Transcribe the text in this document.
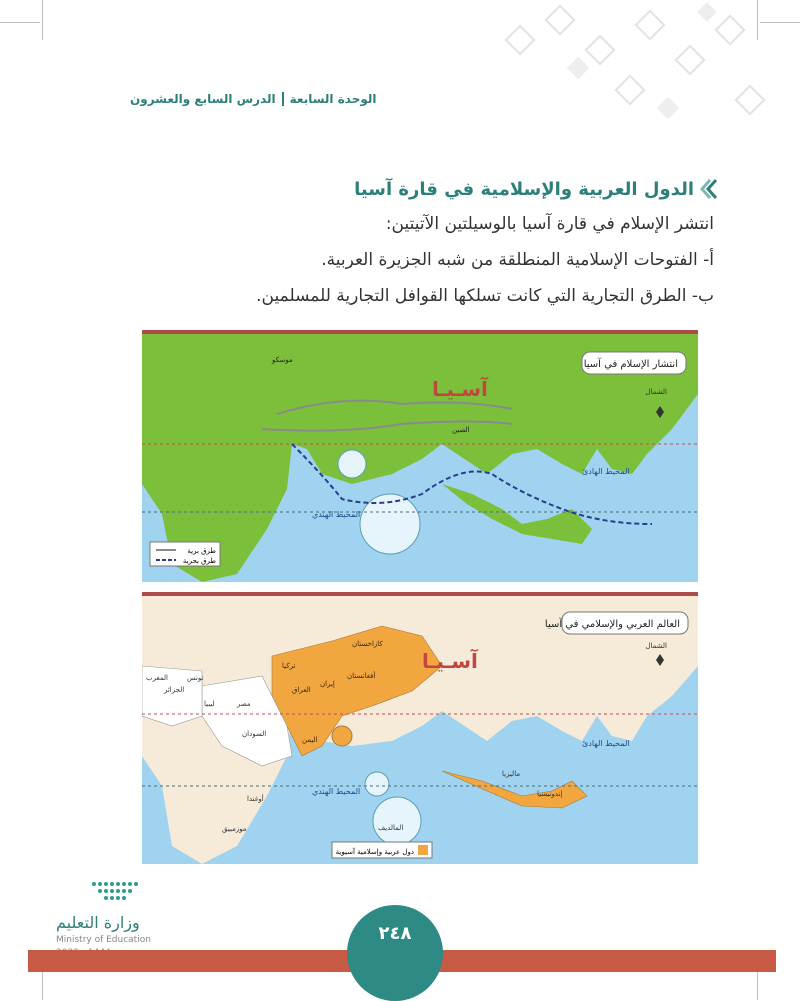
الوحدة السابعة
الدرس السابع والعشرون
الدول العربية والإسلامية في قارة آسيا
انتشر الإسلام في قارة آسيا بالوسيلتين الآتيتين:
أ- الفتوحات الإسلامية المنطلقة من شبه الجزيرة العربية.
ب- الطرق التجارية التي كانت تسلكها القوافل التجارية للمسلمين.
انتشار الإسلام في آسيا
آسـيـا
موسكو
الصين
الشمال
المحيط الهادئ
المحيط الهندي
طرق برية
طرق بحرية
العالم العربي والإسلامي في آسيا
آسـيـا
الشمال
المحيط الهادئ
المحيط الهندي
تركيا
العراق
إيران
أفغانستان
كازاخستان
اليمن
مصر
ليبيا
الجزائر
تونس
المغرب
السودان
أوغندا
موزمبيق
ماليزيا
إندونيسيا
المالديف
دول عربية وإسلامية آسيوية
وزارة التعليم
Ministry of Education	٢٤٨
